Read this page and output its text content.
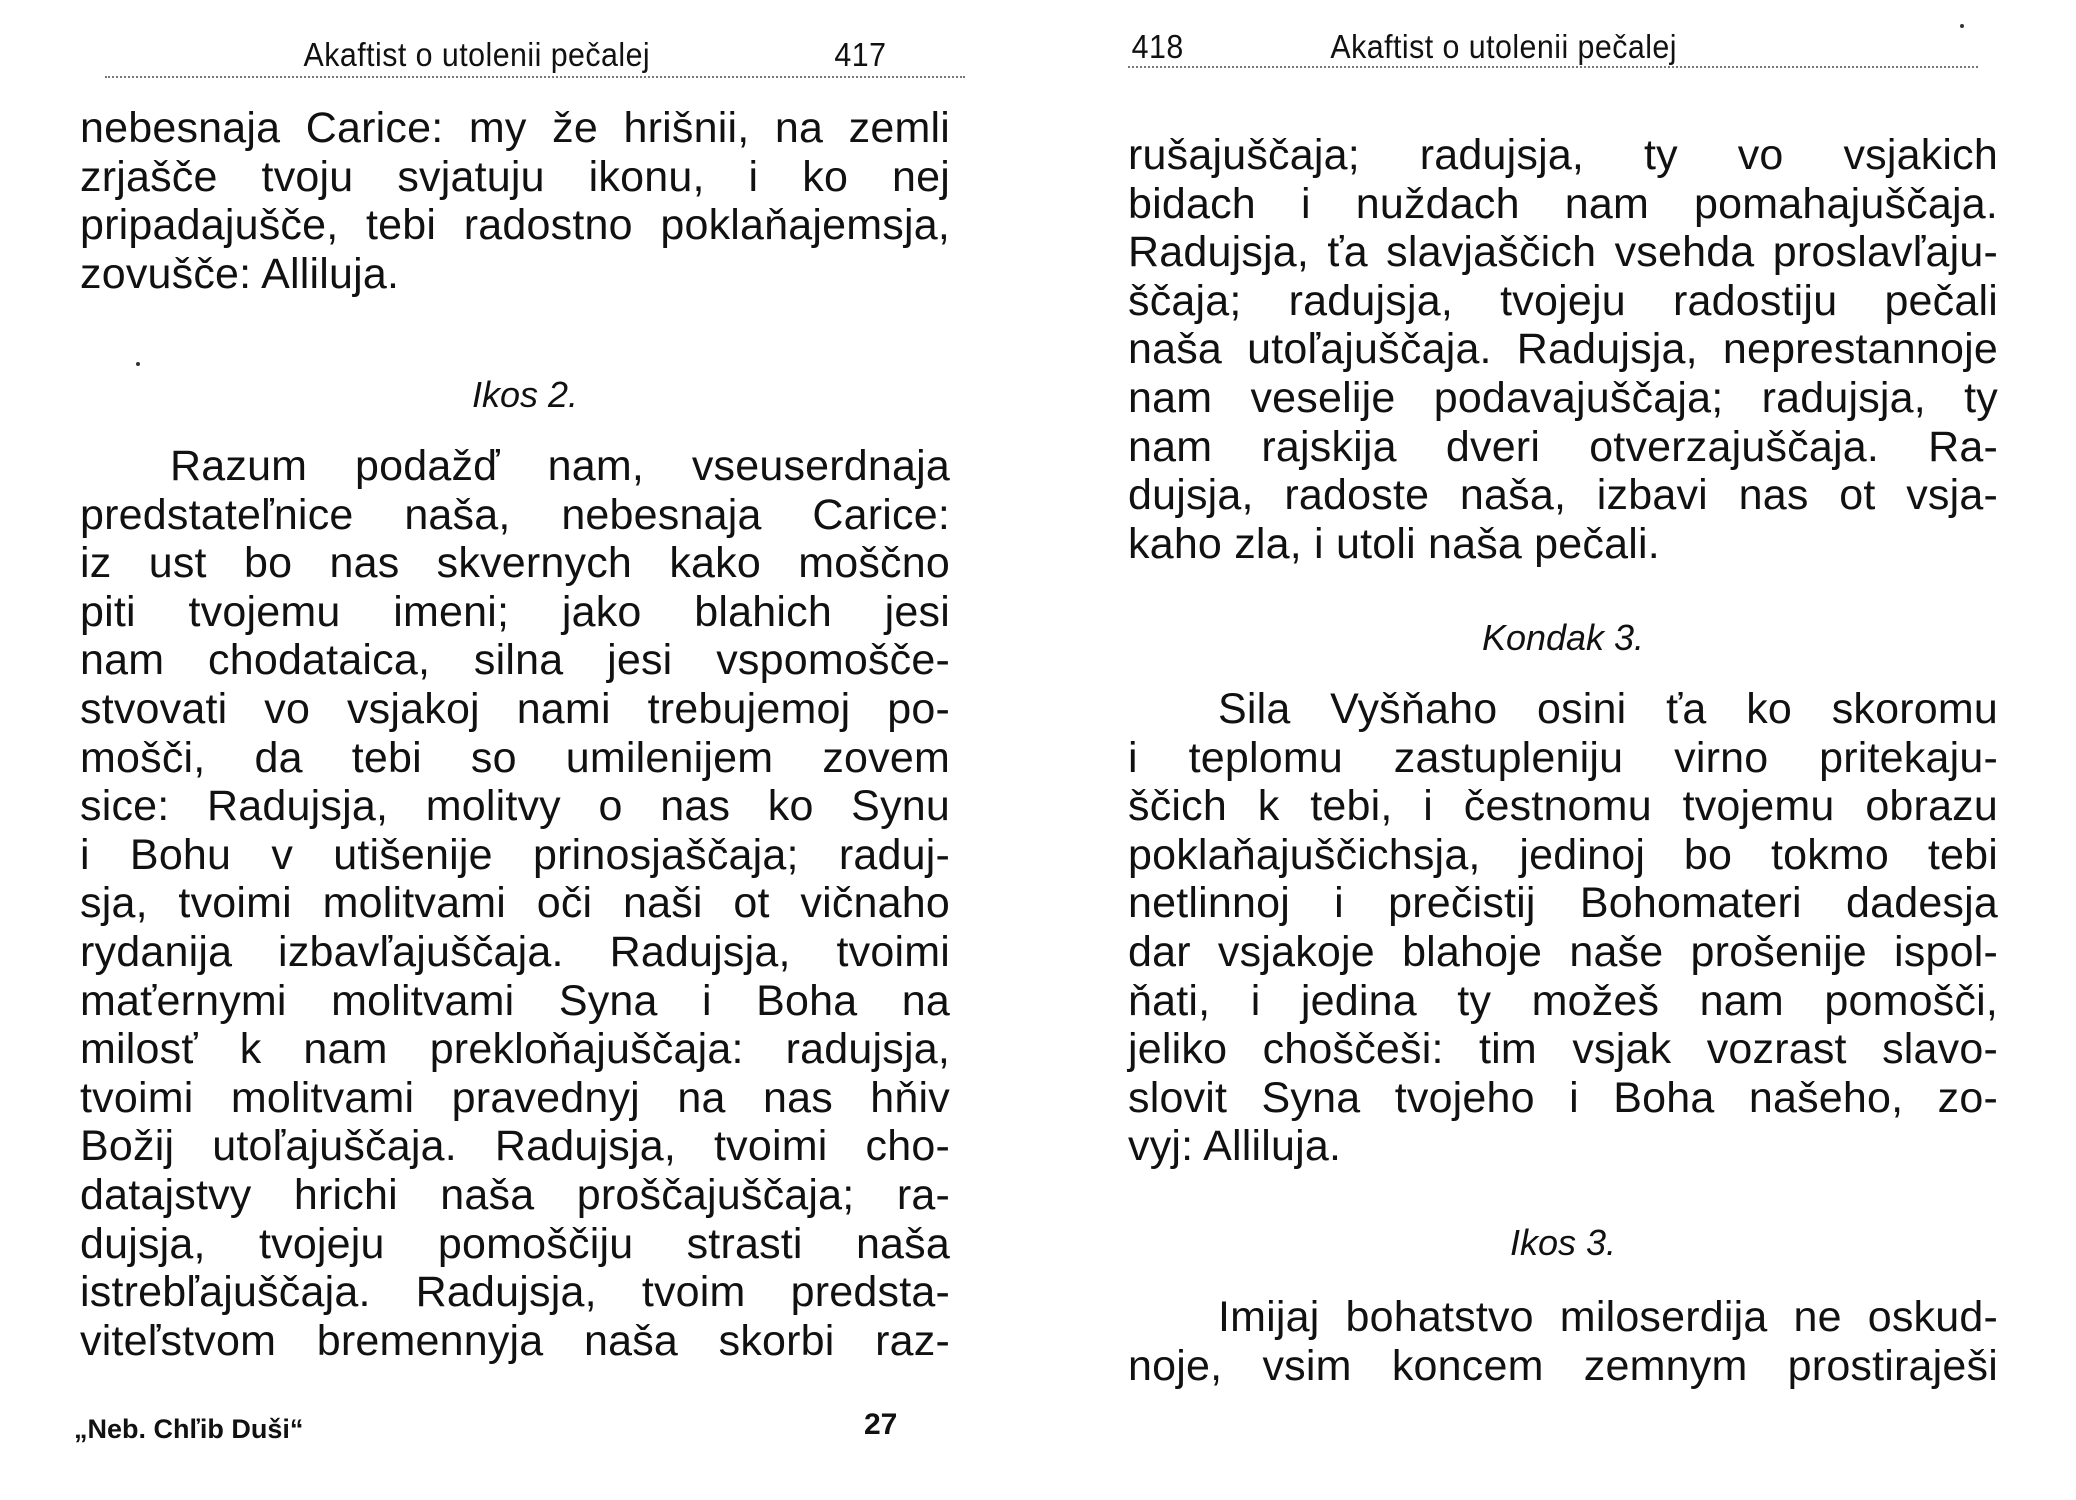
Akaftist o utolenii pečalej	417
nebesnaja Carice: my že hrišnii, na zemli
zrjašče tvoju svjatuju ikonu, i ko nej
pripadajušče, tebi radostno poklaňajemsja,
zovušče: Alliluja.
Ikos 2.
Razum podažď nam, vseuserdnaja
predstateľnice naša, nebesnaja Carice:
iz ust bo nas skvernych kako moščno
piti tvojemu imeni; jako blahich jesi
nam chodataica, silna jesi vspomošče-
stvovati vo vsjakoj nami trebujemoj po-
mošči, da tebi so umilenijem zovem
sice: Radujsja, molitvy o nas ko Synu
i Bohu v utišenije prinosjaščaja; raduj-
sja, tvoimi molitvami oči naši ot vičnaho
rydanija izbavľajuščaja. Radujsja, tvoimi
maťernymi molitvami Syna i Boha na
milosť k nam prekloňajuščaja: radujsja,
tvoimi molitvami pravednyj na nas hňiv
Božij utoľajuščaja. Radujsja, tvoimi cho-
datajstvy hrichi naša proščajuščaja; ra-
dujsja, tvojeju pomoščiju strasti naša
istrebľajuščaja. Radujsja, tvoim predsta-
viteľstvom bremennyja naša skorbi raz-
„Neb. Chľib Duši“	27
418	Akaftist o utolenii pečalej
rušajuščaja; radujsja, ty vo vsjakich
bidach i nuždach nam pomahajuščaja.
Radujsja, ťa slavjaščich vsehda proslavľaju-
ščaja; radujsja, tvojeju radostiju pečali
naša utoľajuščaja. Radujsja, neprestannoje
nam veselije podavajuščaja; radujsja, ty
nam rajskija dveri otverzajuščaja. Ra-
dujsja, radoste naša, izbavi nas ot vsja-
kaho zla, i utoli naša pečali.
Kondak 3.
Sila Vyšňaho osini ťa ko skoromu
i teplomu zastupleniju virno pritekaju-
ščich k tebi, i čestnomu tvojemu obrazu
poklaňajuščichsja, jedinoj bo tokmo tebi
netlinnoj i prečistij Bohomateri dadesja
dar vsjakoje blahoje naše prošenije ispol-
ňati, i jedina ty možeš nam pomošči,
jeliko choščeši: tim vsjak vozrast slavo-
slovit Syna tvojeho i Boha našeho, zo-
vyj: Alliluja.
Ikos 3.
Imijaj bohatstvo miloserdija ne oskud-
noje, vsim koncem zemnym prostiraješi
